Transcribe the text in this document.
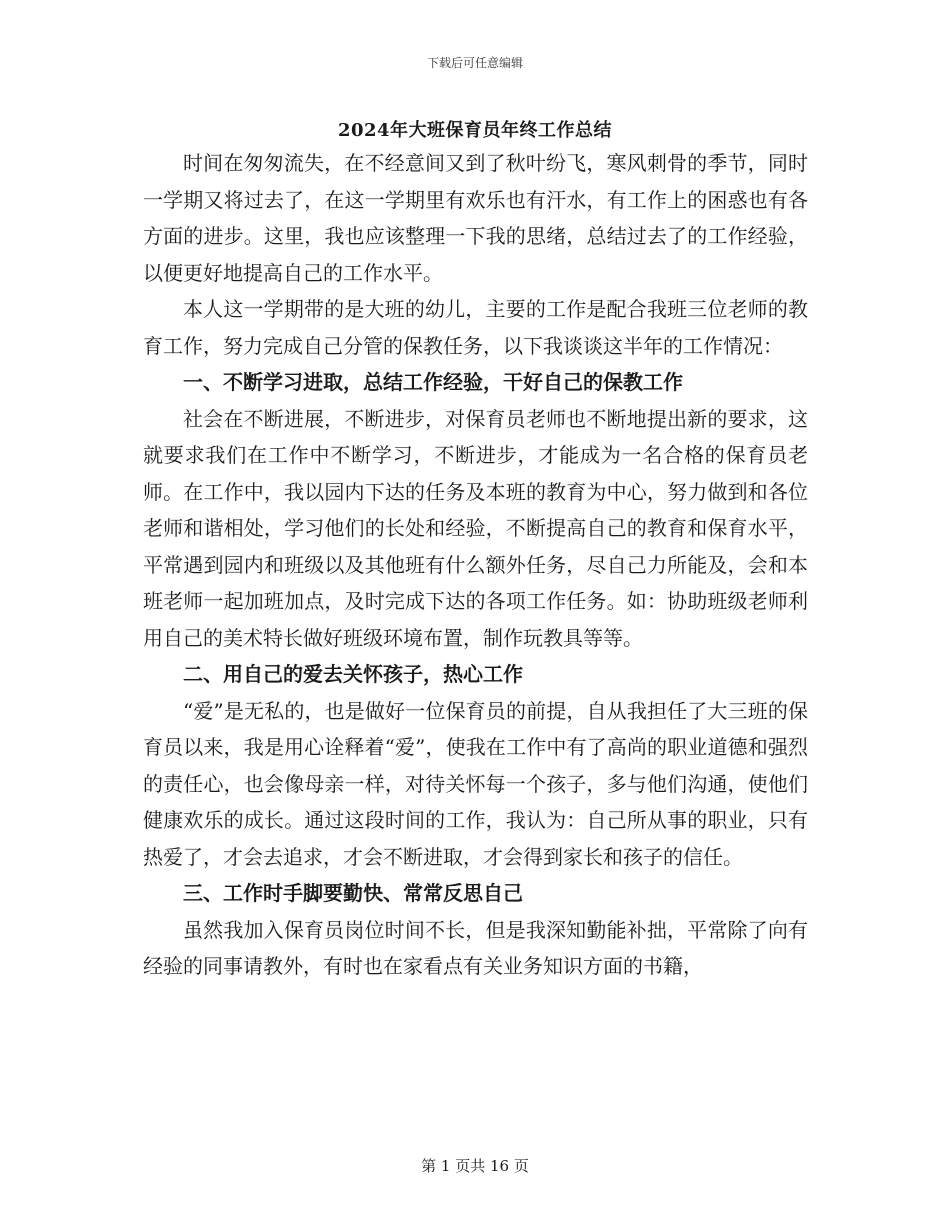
下载后可任意编辑
2024年大班保育员年终工作总结

时间在匆匆流失，在不经意间又到了秋叶纷飞，寒风刺骨的季节，同时一学期又将过去了，在这一学期里有欢乐也有汗水，有工作上的困惑也有各方面的进步。这里，我也应该整理一下我的思绪，总结过去了的工作经验，以便更好地提高自己的工作水平。

本人这一学期带的是大班的幼儿，主要的工作是配合我班三位老师的教育工作，努力完成自己分管的保教任务，以下我谈谈这半年的工作情况：

一、不断学习进取，总结工作经验，干好自己的保教工作

社会在不断进展，不断进步，对保育员老师也不断地提出新的要求，这就要求我们在工作中不断学习，不断进步，才能成为一名合格的保育员老师。在工作中，我以园内下达的任务及本班的教育为中心，努力做到和各位老师和谐相处，学习他们的长处和经验，不断提高自己的教育和保育水平，平常遇到园内和班级以及其他班有什么额外任务，尽自己力所能及，会和本班老师一起加班加点，及时完成下达的各项工作任务。如：协助班级老师利用自己的美术特长做好班级环境布置，制作玩教具等等。

二、用自己的爱去关怀孩子，热心工作

“爱”是无私的，也是做好一位保育员的前提，自从我担任了大三班的保育员以来，我是用心诠释着“爱”，使我在工作中有了高尚的职业道德和强烈的责任心，也会像母亲一样，对待关怀每一个孩子，多与他们沟通，使他们健康欢乐的成长。通过这段时间的工作，我认为：自己所从事的职业，只有热爱了，才会去追求，才会不断进取，才会得到家长和孩子的信任。

三、工作时手脚要勤快、常常反思自己

虽然我加入保育员岗位时间不长，但是我深知勤能补拙，平常除了向有经验的同事请教外，有时也在家看点有关业务知识方面的书籍，

第 1 页共 16 页
